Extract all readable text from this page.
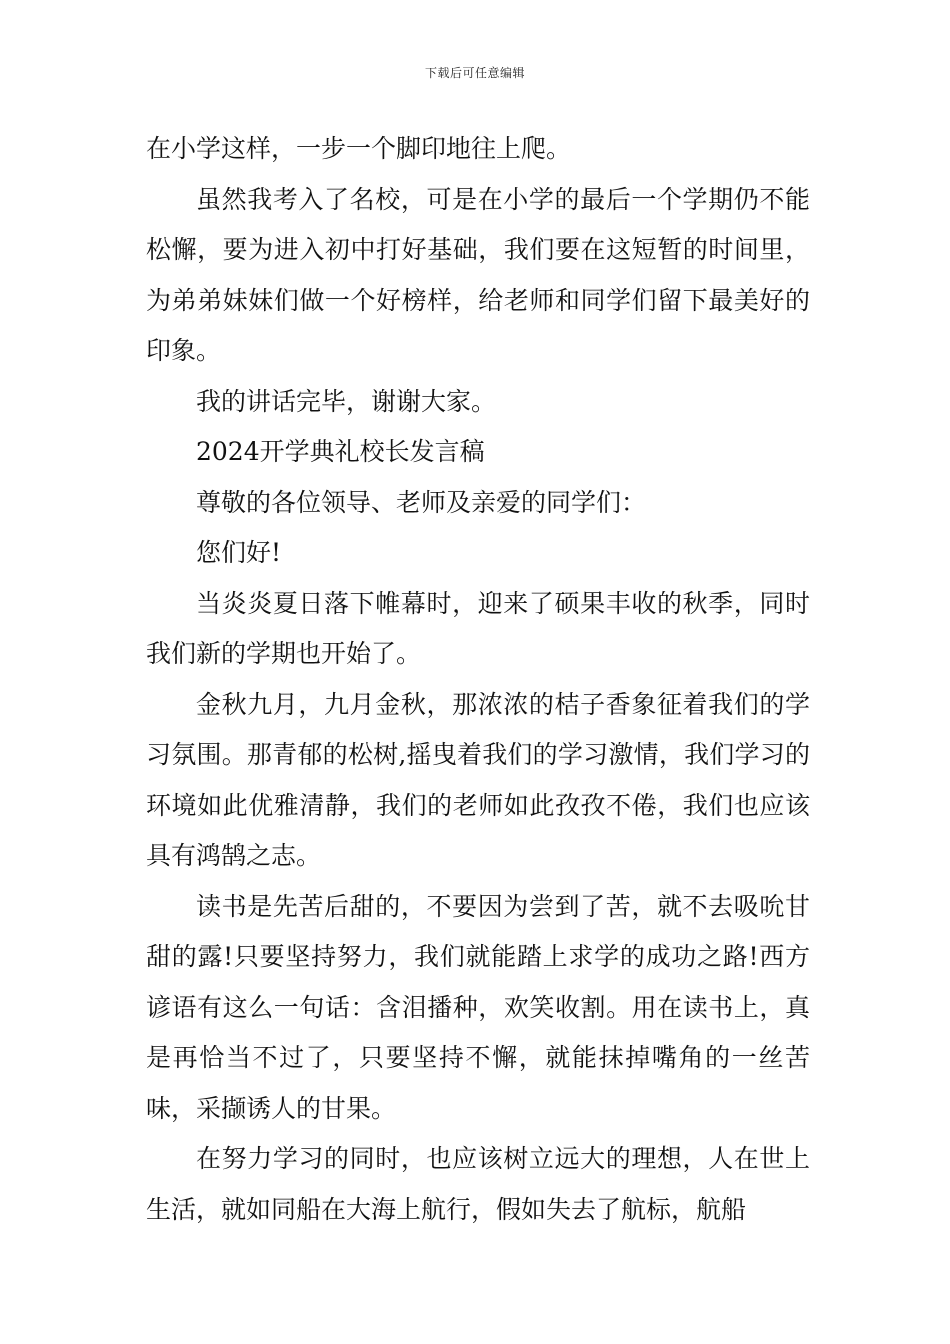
下载后可任意编辑

在小学这样，一步一个脚印地往上爬。

虽然我考入了名校，可是在小学的最后一个学期仍不能松懈，要为进入初中打好基础，我们要在这短暂的时间里，为弟弟妹妹们做一个好榜样，给老师和同学们留下最美好的印象。

我的讲话完毕，谢谢大家。

2024开学典礼校长发言稿

尊敬的各位领导、老师及亲爱的同学们：

您们好!

当炎炎夏日落下帷幕时，迎来了硕果丰收的秋季，同时我们新的学期也开始了。

金秋九月，九月金秋，那浓浓的桔子香象征着我们的学习氛围。那青郁的松树,摇曳着我们的学习激情，我们学习的环境如此优雅清静，我们的老师如此孜孜不倦，我们也应该具有鸿鹄之志。

读书是先苦后甜的，不要因为尝到了苦，就不去吸吮甘甜的露!只要坚持努力，我们就能踏上求学的成功之路!西方谚语有这么一句话：含泪播种，欢笑收割。用在读书上，真是再恰当不过了，只要坚持不懈，就能抹掉嘴角的一丝苦味，采撷诱人的甘果。

在努力学习的同时，也应该树立远大的理想，人在世上生活，就如同船在大海上航行，假如失去了航标，航船
